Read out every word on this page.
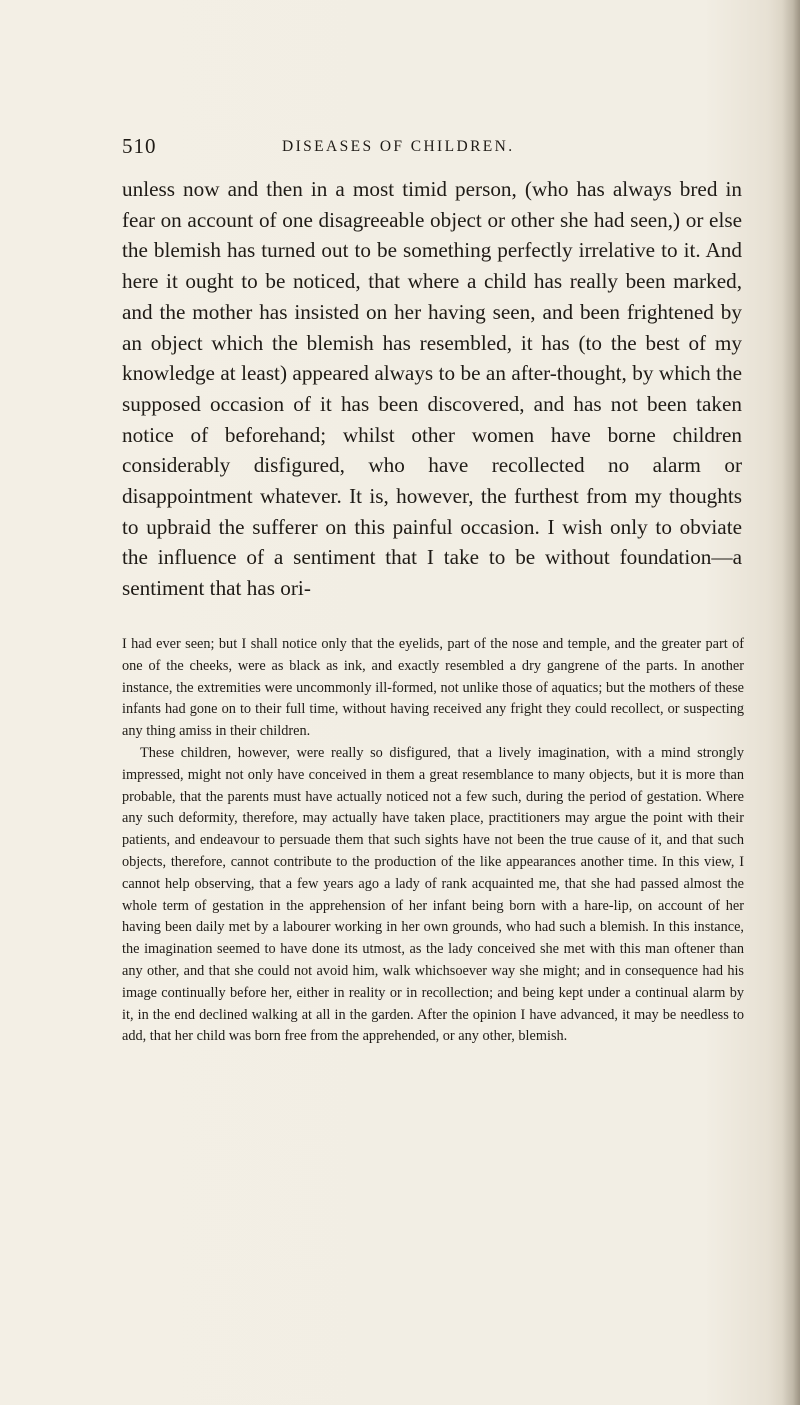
510	DISEASES OF CHILDREN.

unless now and then in a most timid person, (who has always bred in fear on account of one disagreeable object or other she had seen,) or else the blemish has turned out to be something perfectly irrelative to it. And here it ought to be noticed, that where a child has really been marked, and the mother has insisted on her having seen, and been frightened by an object which the blemish has resembled, it has (to the best of my knowledge at least) appeared always to be an after-thought, by which the supposed occasion of it has been discovered, and has not been taken notice of beforehand; whilst other women have borne children considerably disfigured, who have recollected no alarm or disappointment whatever. It is, however, the furthest from my thoughts to upbraid the sufferer on this painful occasion. I wish only to obviate the influence of a sentiment that I take to be without foundation—a sentiment that has ori-

I had ever seen; but I shall notice only that the eyelids, part of the nose and temple, and the greater part of one of the cheeks, were as black as ink, and exactly resembled a dry gangrene of the parts. In another instance, the extremities were uncommonly ill-formed, not unlike those of aquatics; but the mothers of these infants had gone on to their full time, without having received any fright they could recollect, or suspecting any thing amiss in their children.

These children, however, were really so disfigured, that a lively imagination, with a mind strongly impressed, might not only have conceived in them a great resemblance to many objects, but it is more than probable, that the parents must have actually noticed not a few such, during the period of gestation. Where any such deformity, therefore, may actually have taken place, practitioners may argue the point with their patients, and endeavour to persuade them that such sights have not been the true cause of it, and that such objects, therefore, cannot contribute to the production of the like appearances another time. In this view, I cannot help observing, that a few years ago a lady of rank acquainted me, that she had passed almost the whole term of gestation in the apprehension of her infant being born with a hare-lip, on account of her having been daily met by a labourer working in her own grounds, who had such a blemish. In this instance, the imagination seemed to have done its utmost, as the lady conceived she met with this man oftener than any other, and that she could not avoid him, walk whichsoever way she might; and in consequence had his image continually before her, either in reality or in recollection; and being kept under a continual alarm by it, in the end declined walking at all in the garden. After the opinion I have advanced, it may be needless to add, that her child was born free from the apprehended, or any other, blemish.
